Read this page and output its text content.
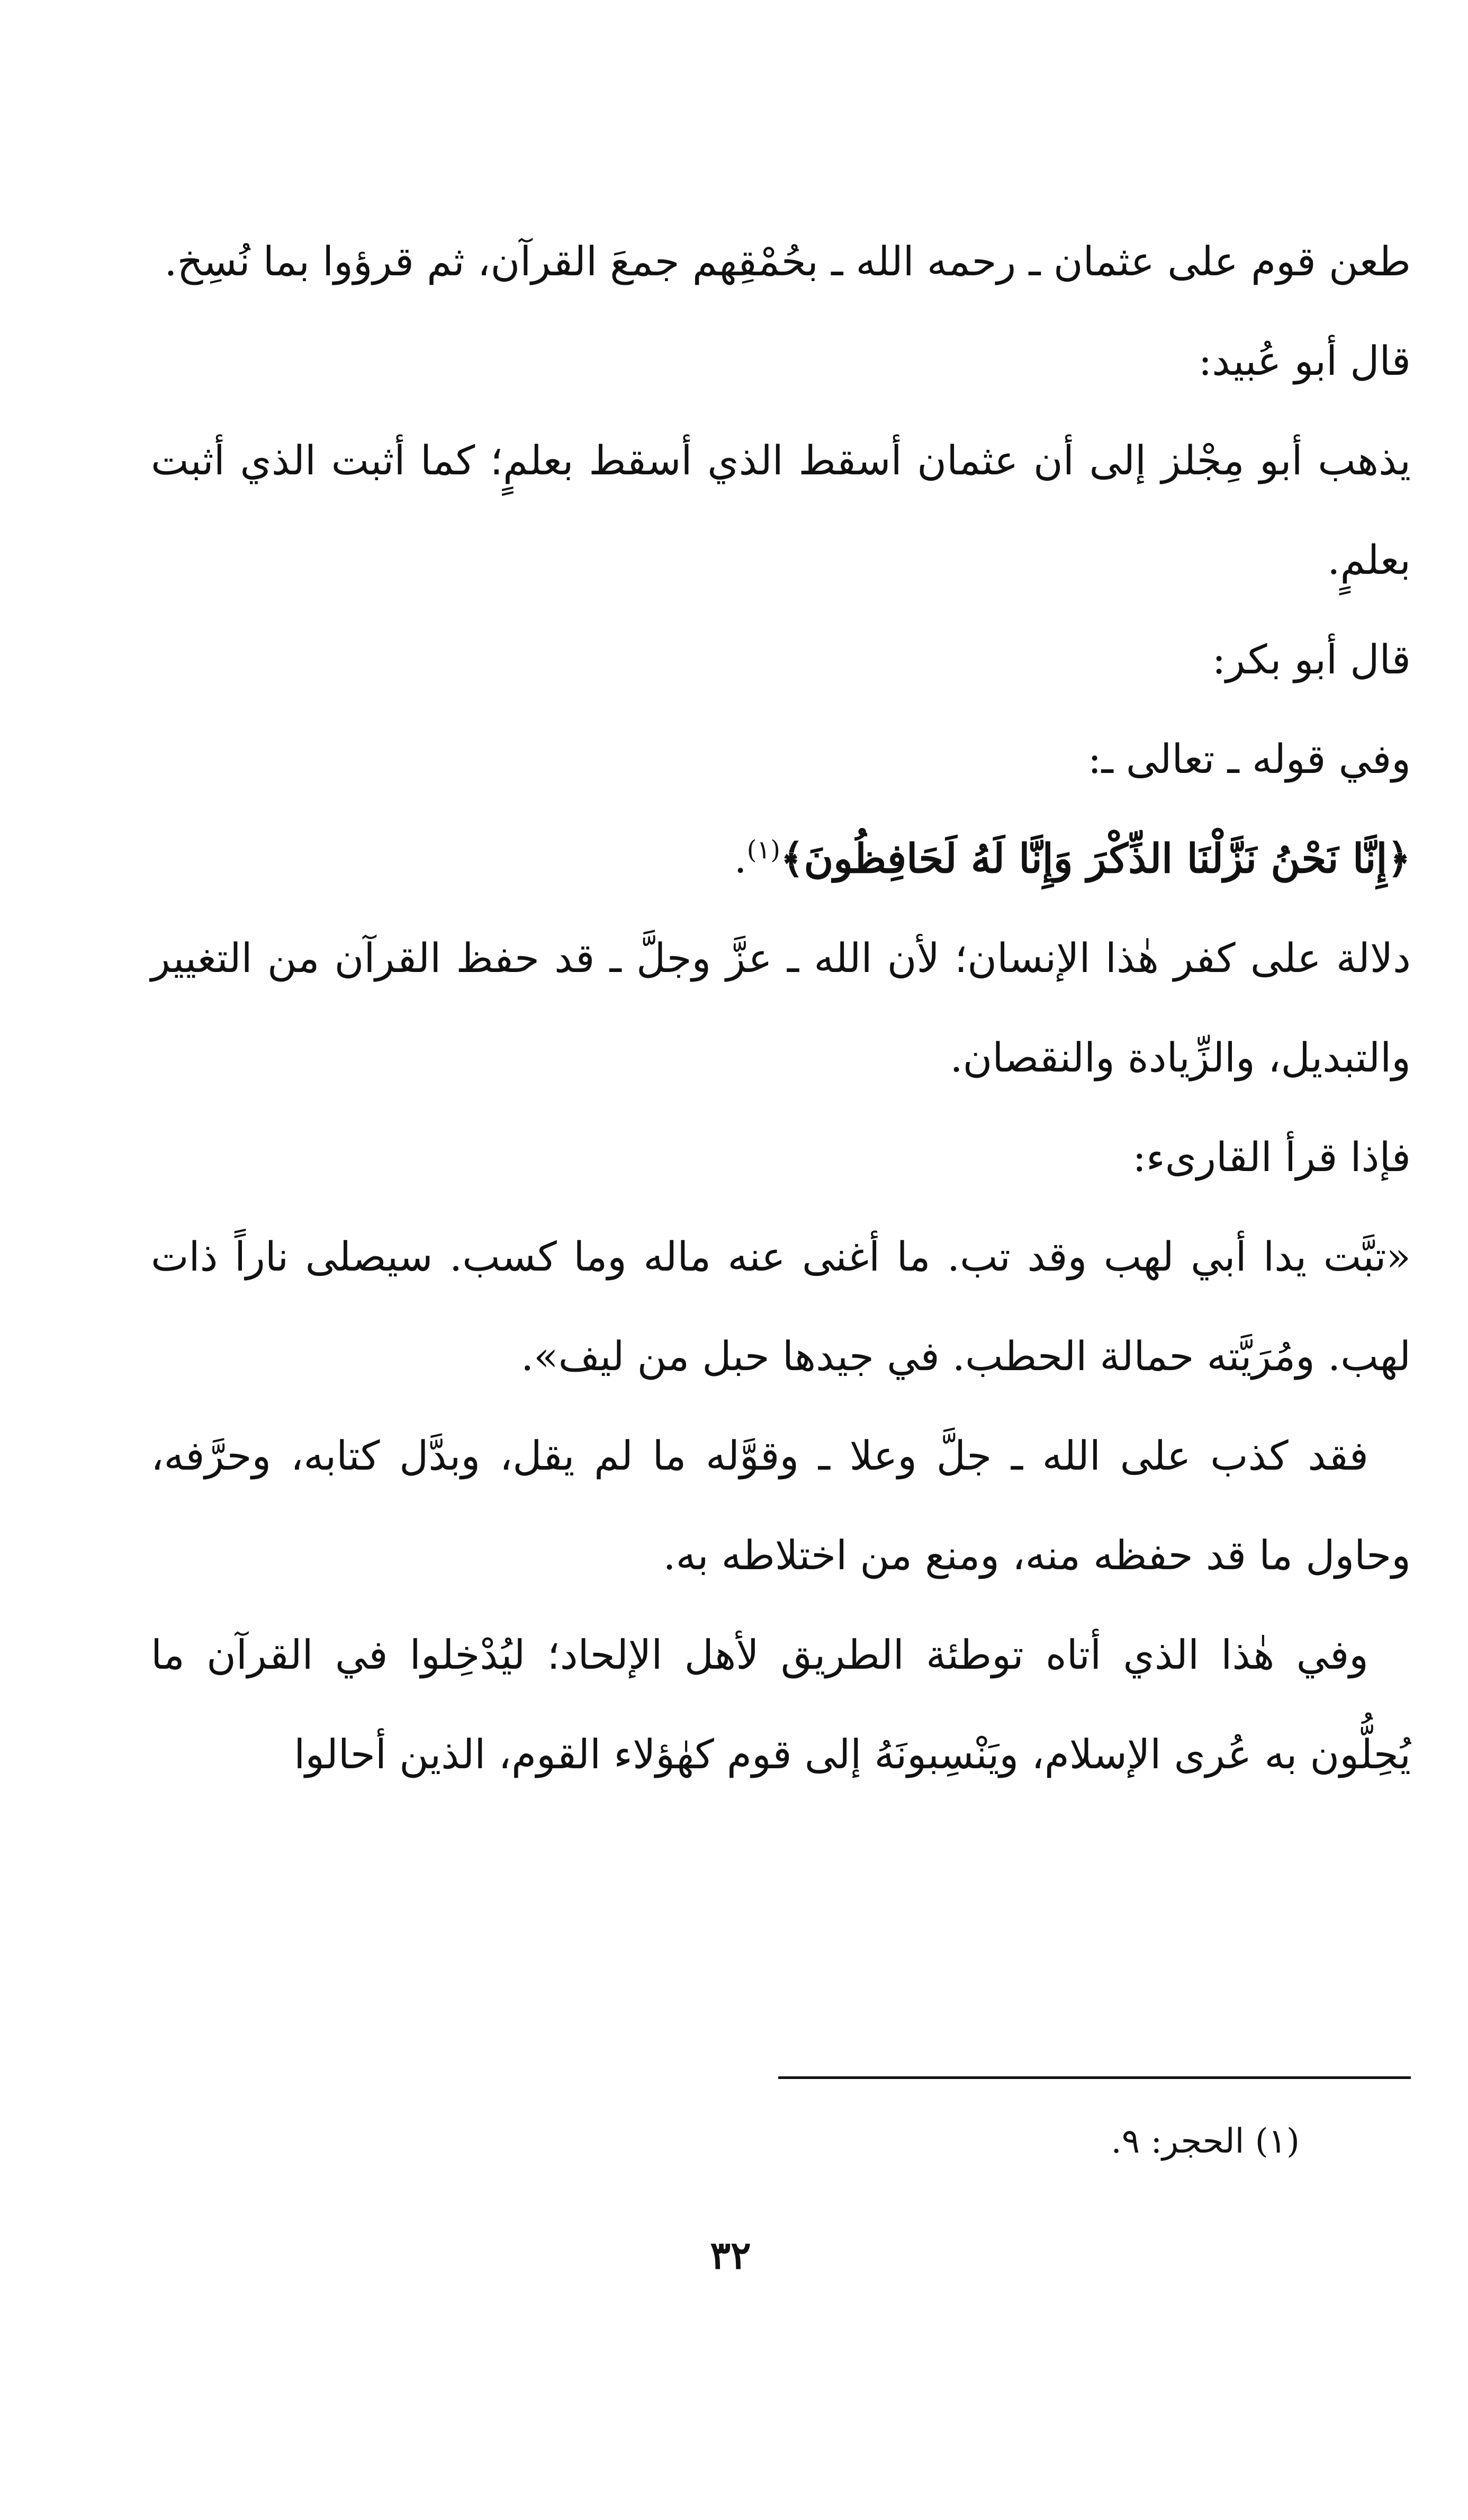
طعن قوم على عثمان ـ رحمه الله ـ بحُمْقِهم جمعَ القرآن، ثم قرؤوا بما نُسِخ.

قال أبو عُبيد:

يذهب أبو مِجْلز إلى أن عثمان أسقط الذي أسقط بعلمٍ؛ كما أثبت الذي أثبت بعلمٍ.

قال أبو بكر:

وفي قوله ـ تعالى ـ:

﴿إِنَّا نَحْنُ نَزَّلْنَا الذِّكْرَ وَإِنَّا لَهُ لَحَافِظُونَ﴾$^{(١)}$.

دلالة على كفر هٰذا الإنسان؛ لأن الله ـ عزَّ وجلَّ ـ قد حفظ القرآن من التغيير والتبديل، والزِّيادة والنقصان.

فإذا قرأ القارىء:

«تبَّت يدا أبي لهب وقد تب. ما أغنى عنه ماله وما كسب. سيصلى ناراً ذات لهب. ومُرَيَّته حمالة الحطب. في جيدها حبل من ليف».

فقد كذب على الله ـ جلَّ وعلا ـ وقوَّله ما لم يقل، وبدَّل كتابه، وحرَّفه، وحاول ما قد حفظه منه، ومنع من اختلاطه به.

وفي هٰذا الذي أتاه توطئة الطريق لأهل الإلحاد؛ ليُدْخِلوا في القرآن ما يُحِلُّون به عُرى الإسلام، ويَنْسِبونَهُ إلى قوم كهٰؤلاء القوم، الذين أحالوا

(١) الحجر: ٩.
٣٢
